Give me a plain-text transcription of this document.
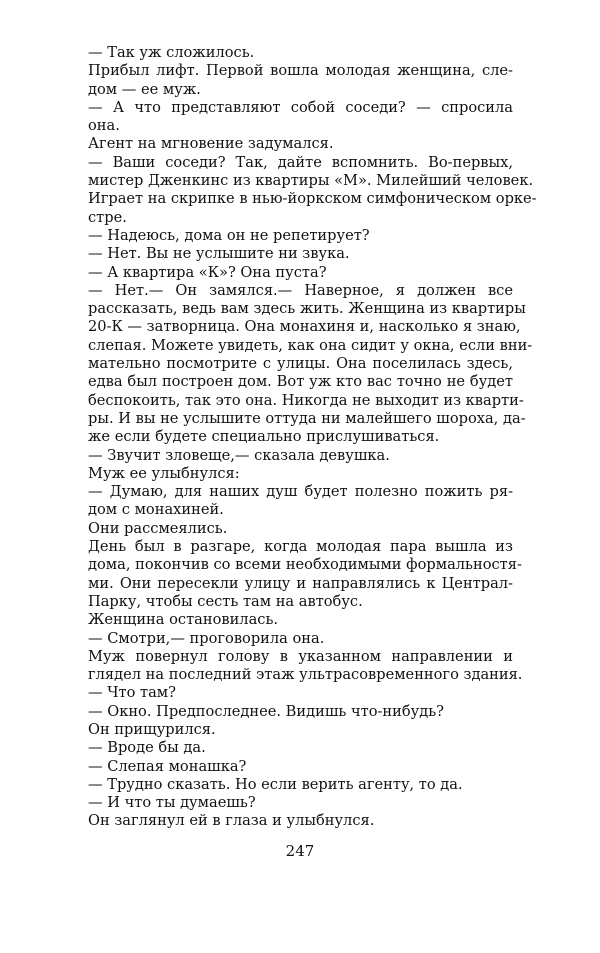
— Так уж сложилось.
Прибыл лифт. Первой вошла молодая женщина, сле-
дом — ее муж.
— А что представляют собой соседи? — спросила
она.
Агент на мгновение задумался.
— Ваши соседи? Так, дайте вспомнить. Во-первых,
мистер Дженкинс из квартиры «М». Милейший человек.
Играет на скрипке в нью-йоркском симфоническом орке-
стре.
— Надеюсь, дома он не репетирует?
— Нет. Вы не услышите ни звука.
— А квартира «К»? Она пуста?
— Нет.— Он замялся.— Наверное, я должен все
рассказать, ведь вам здесь жить. Женщина из квартиры
20-К — затворница. Она монахиня и, насколько я знаю,
слепая. Можете увидеть, как она сидит у окна, если вни-
мательно посмотрите с улицы. Она поселилась здесь,
едва был построен дом. Вот уж кто вас точно не будет
беспокоить, так это она. Никогда не выходит из кварти-
ры. И вы не услышите оттуда ни малейшего шороха, да-
же если будете специально прислушиваться.
— Звучит зловеще,— сказала девушка.
Муж ее улыбнулся:
— Думаю, для наших душ будет полезно пожить ря-
дом с монахиней.
Они рассмеялись.
День был в разгаре, когда молодая пара вышла из
дома, покончив со всеми необходимыми формальностя-
ми. Они пересекли улицу и направлялись к Централ-
Парку, чтобы сесть там на автобус.
Женщина остановилась.
— Смотри,— проговорила она.
Муж повернул голову в указанном направлении и
глядел на последний этаж ультрасовременного здания.
— Что там?
— Окно. Предпоследнее. Видишь что-нибудь?
Он прищурился.
— Вроде бы да.
— Слепая монашка?
— Трудно сказать. Но если верить агенту, то да.
— И что ты думаешь?
Он заглянул ей в глаза и улыбнулся.
247
